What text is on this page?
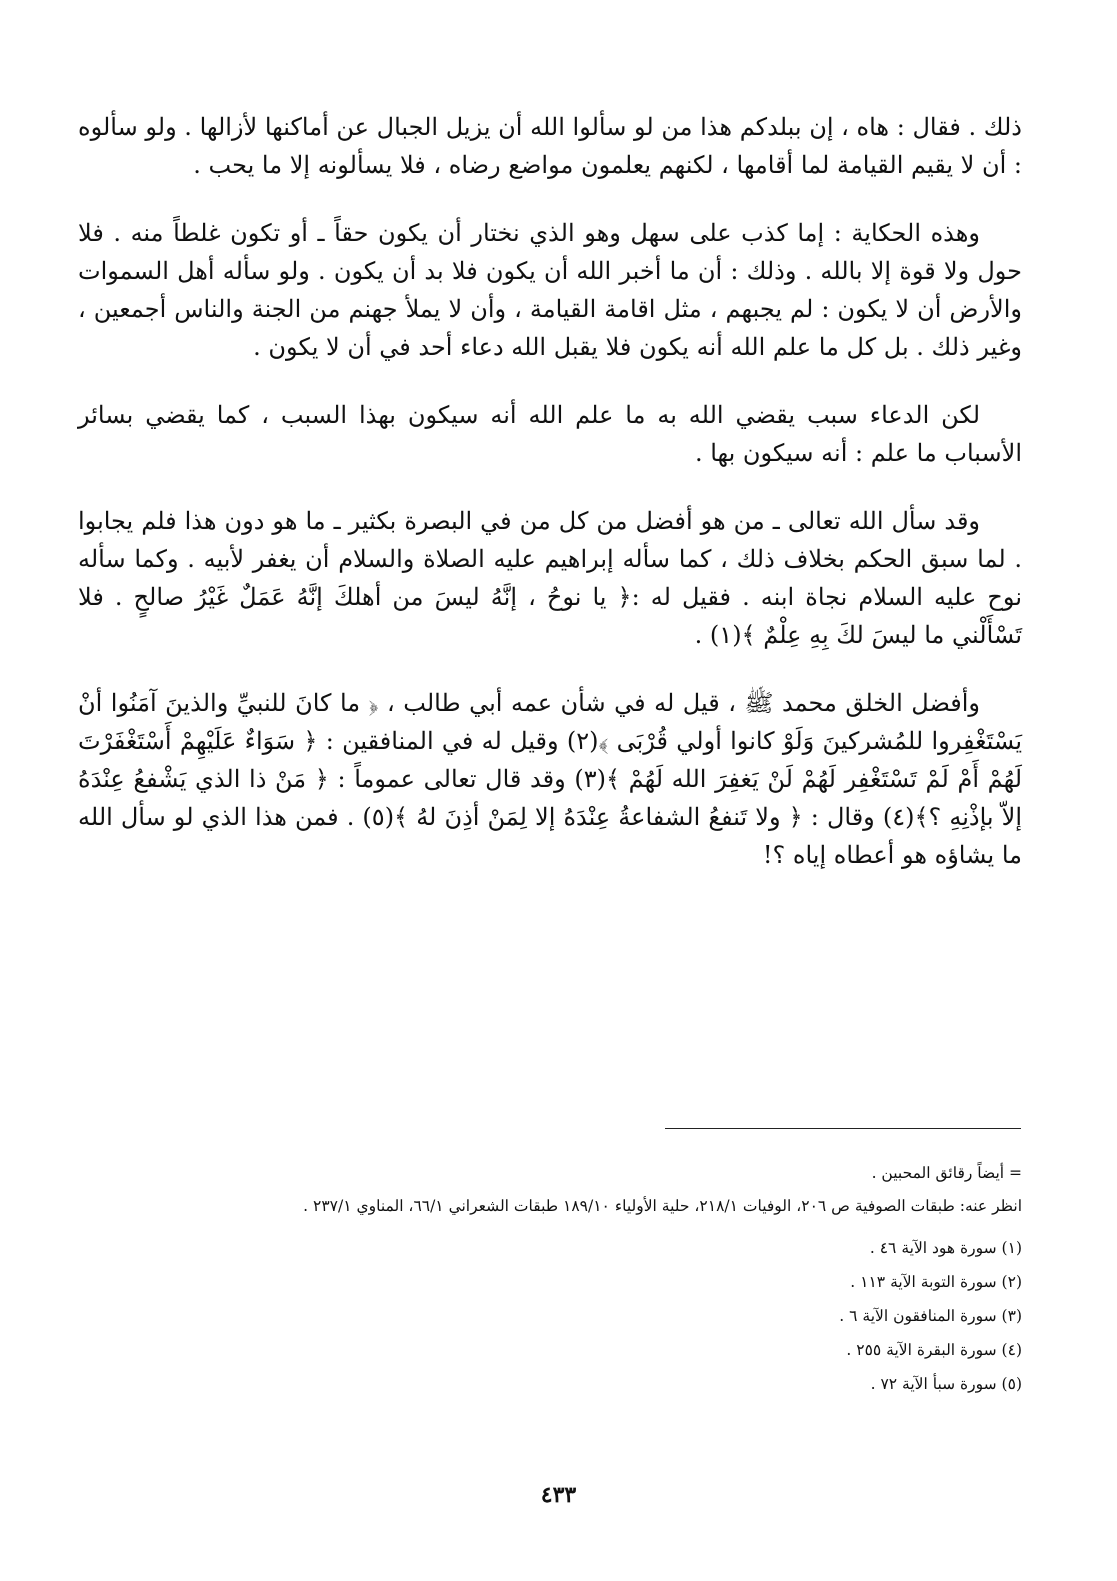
ذلك . فقال : هاه ، إن ببلدكم هذا من لو سألوا الله أن يزيل الجبال عن أماكنها لأزالها . ولو سألوه : أن لا يقيم القيامة لما أقامها ، لكنهم يعلمون مواضع رضاه ، فلا يسألونه إلا ما يحب .

وهذه الحكاية : إما كذب على سهل وهو الذي نختار أن يكون حقاً ـ أو تكون غلطاً منه . فلا حول ولا قوة إلا بالله . وذلك : أن ما أخبر الله أن يكون فلا بد أن يكون . ولو سأله أهل السموات والأرض أن لا يكون : لم يجبهم ، مثل اقامة القيامة ، وأن لا يملأ جهنم من الجنة والناس أجمعين ، وغير ذلك . بل كل ما علم الله أنه يكون فلا يقبل الله دعاء أحد في أن لا يكون .

لكن الدعاء سبب يقضي الله به ما علم الله أنه سيكون بهذا السبب ، كما يقضي بسائر الأسباب ما علم : أنه سيكون بها .

وقد سأل الله تعالى ـ من هو أفضل من كل من في البصرة بكثير ـ ما هو دون هذا فلم يجابوا . لما سبق الحكم بخلاف ذلك ، كما سأله إبراهيم عليه الصلاة والسلام أن يغفر لأبيه . وكما سأله نوح عليه السلام نجاة ابنه . فقيل له :﴿ يا نوحُ ، إنَّهُ ليسَ من أهلكَ إنَّهُ عَمَلٌ غَيْرُ صالحٍ . فلا تَسْأَلْني ما ليسَ لكَ بِهِ عِلْمٌ ﴾(١) .

وأفضل الخلق محمد ﷺ ، قيل له في شأن عمه أبي طالب ، ﴿ ما كانَ للنبيِّ والذينَ آمَنُوا أنْ يَسْتَغْفِروا للمُشركينَ وَلَوْ كانوا أولي قُرْبَى ﴾(٢) وقيل له في المنافقين : ﴿ سَوَاءٌ عَلَيْهِمْ أَسْتَغْفَرْتَ لَهُمْ أَمْ لَمْ تَسْتَغْفِر لَهُمْ لَنْ يَغفِرَ الله لَهُمْ ﴾(٣) وقد قال تعالى عموماً : ﴿ مَنْ ذا الذي يَشْفعُ عِنْدَهُ إلاّ بإذْنِهِ ؟﴾(٤) وقال : ﴿ ولا تَنفعُ الشفاعةُ عِنْدَهُ إلا لِمَنْ أذِنَ لهُ ﴾(٥) . فمن هذا الذي لو سأل الله ما يشاؤه هو أعطاه إياه ؟!

= أيضاً رقائق المحبين .

انظر عنه: طبقات الصوفية ص ٢٠٦، الوفيات ٢١٨/١، حلية الأولياء ١٨٩/١٠ طبقات الشعراني ٦٦/١، المناوي ٢٣٧/١ .

(١) سورة هود الآية ٤٦ .

(٢) سورة التوبة الآية ١١٣ .

(٣) سورة المنافقون الآية ٦ .

(٤) سورة البقرة الآية ٢٥٥ .

(٥) سورة سبأ الآية ٧٢ .

٤٣٣
